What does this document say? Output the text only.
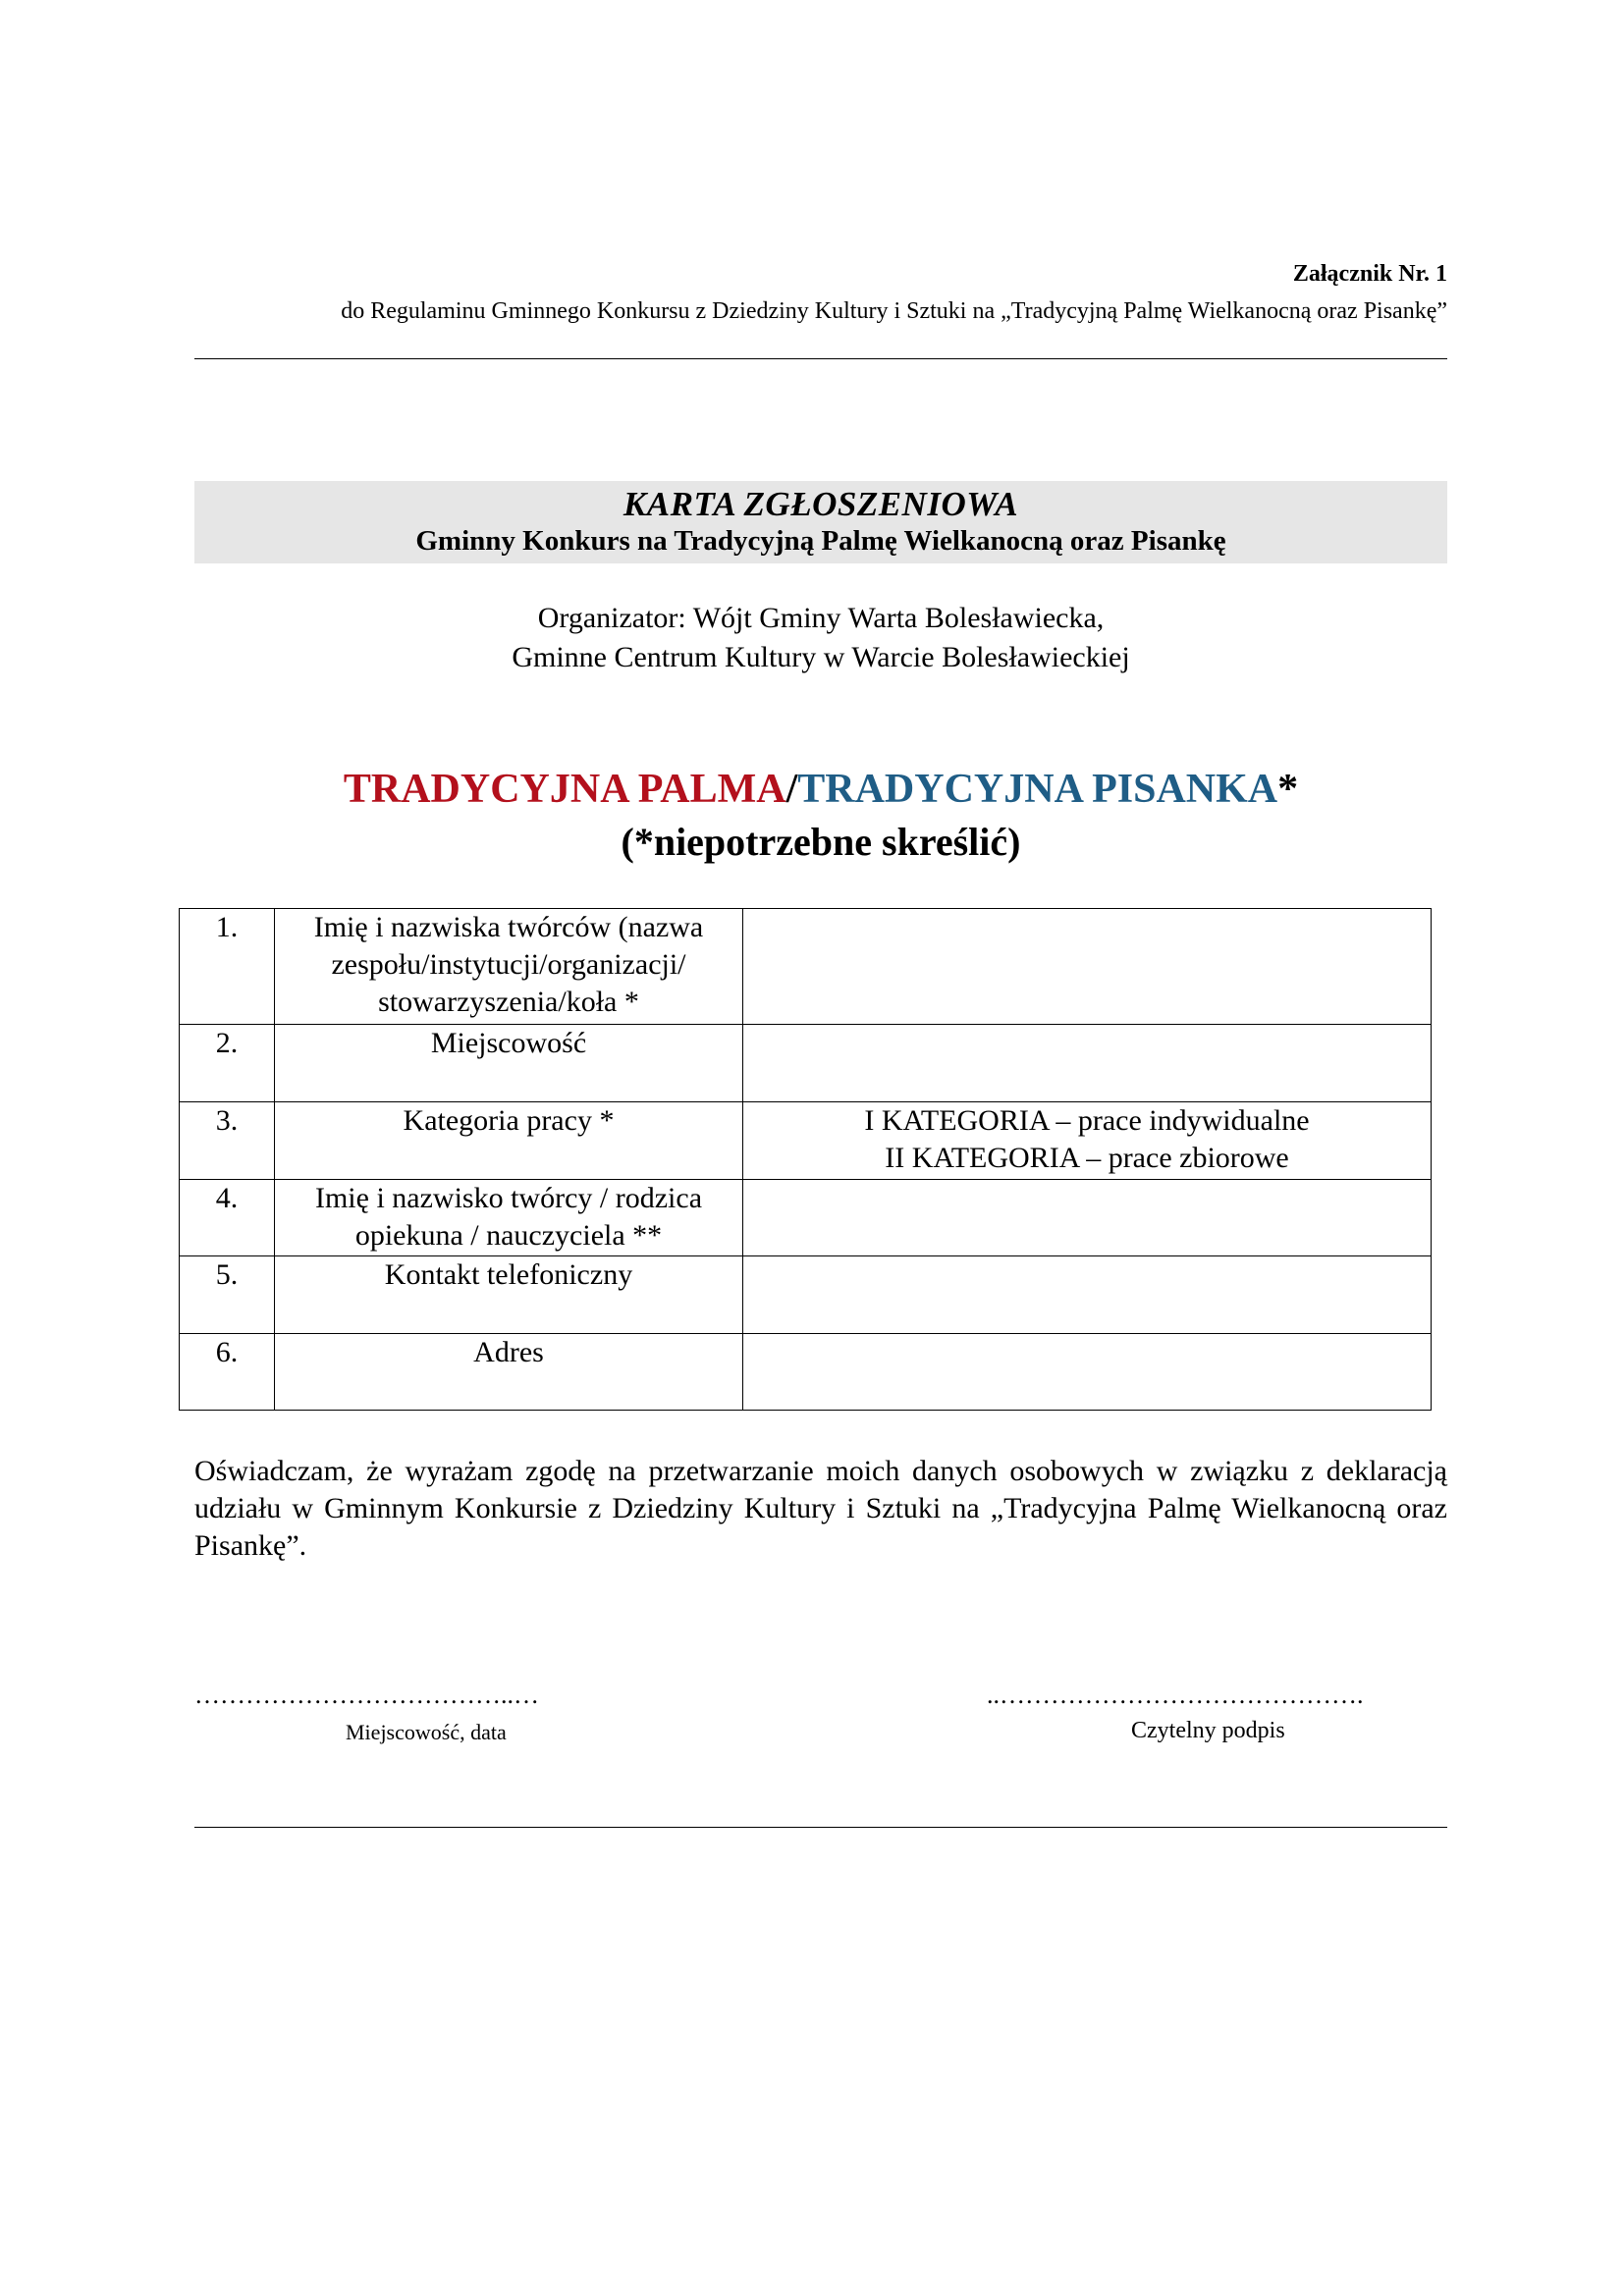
Załącznik Nr. 1
do Regulaminu Gminnego Konkursu z Dziedziny Kultury i Sztuki na „Tradycyjną Palmę Wielkanocną oraz Pisankę”
KARTA ZGŁOSZENIOWA
Gminny Konkurs na Tradycyjną Palmę Wielkanocną oraz Pisankę
Organizator: Wójt Gminy Warta Bolesławiecka,
Gminne Centrum Kultury w Warcie Bolesławieckiej
TRADYCYJNA PALMA/TRADYCYJNA PISANKA*
(*niepotrzebne skreślić)
1.	Imię i nazwiska twórców (nazwa zespołu/instytucji/organizacji/ stowarzyszenia/koła *	

2.	Miejscowość	

3.	Kategoria pracy *	I KATEGORIA – prace indywidualne
II KATEGORIA – prace zbiorowe

4.	Imię i nazwisko twórcy / rodzica opiekuna / nauczyciela **	

5.	Kontakt telefoniczny	

6.	Adres	
Oświadczam, że wyrażam zgodę na przetwarzanie moich danych osobowych w związku z deklaracją udziału w Gminnym Konkursie z Dziedziny Kultury i Sztuki na „Tradycyjna Palmę Wielkanocną oraz Pisankę”.
………………………………..…
Miejscowość, data
..…………………………………….
Czytelny podpis
